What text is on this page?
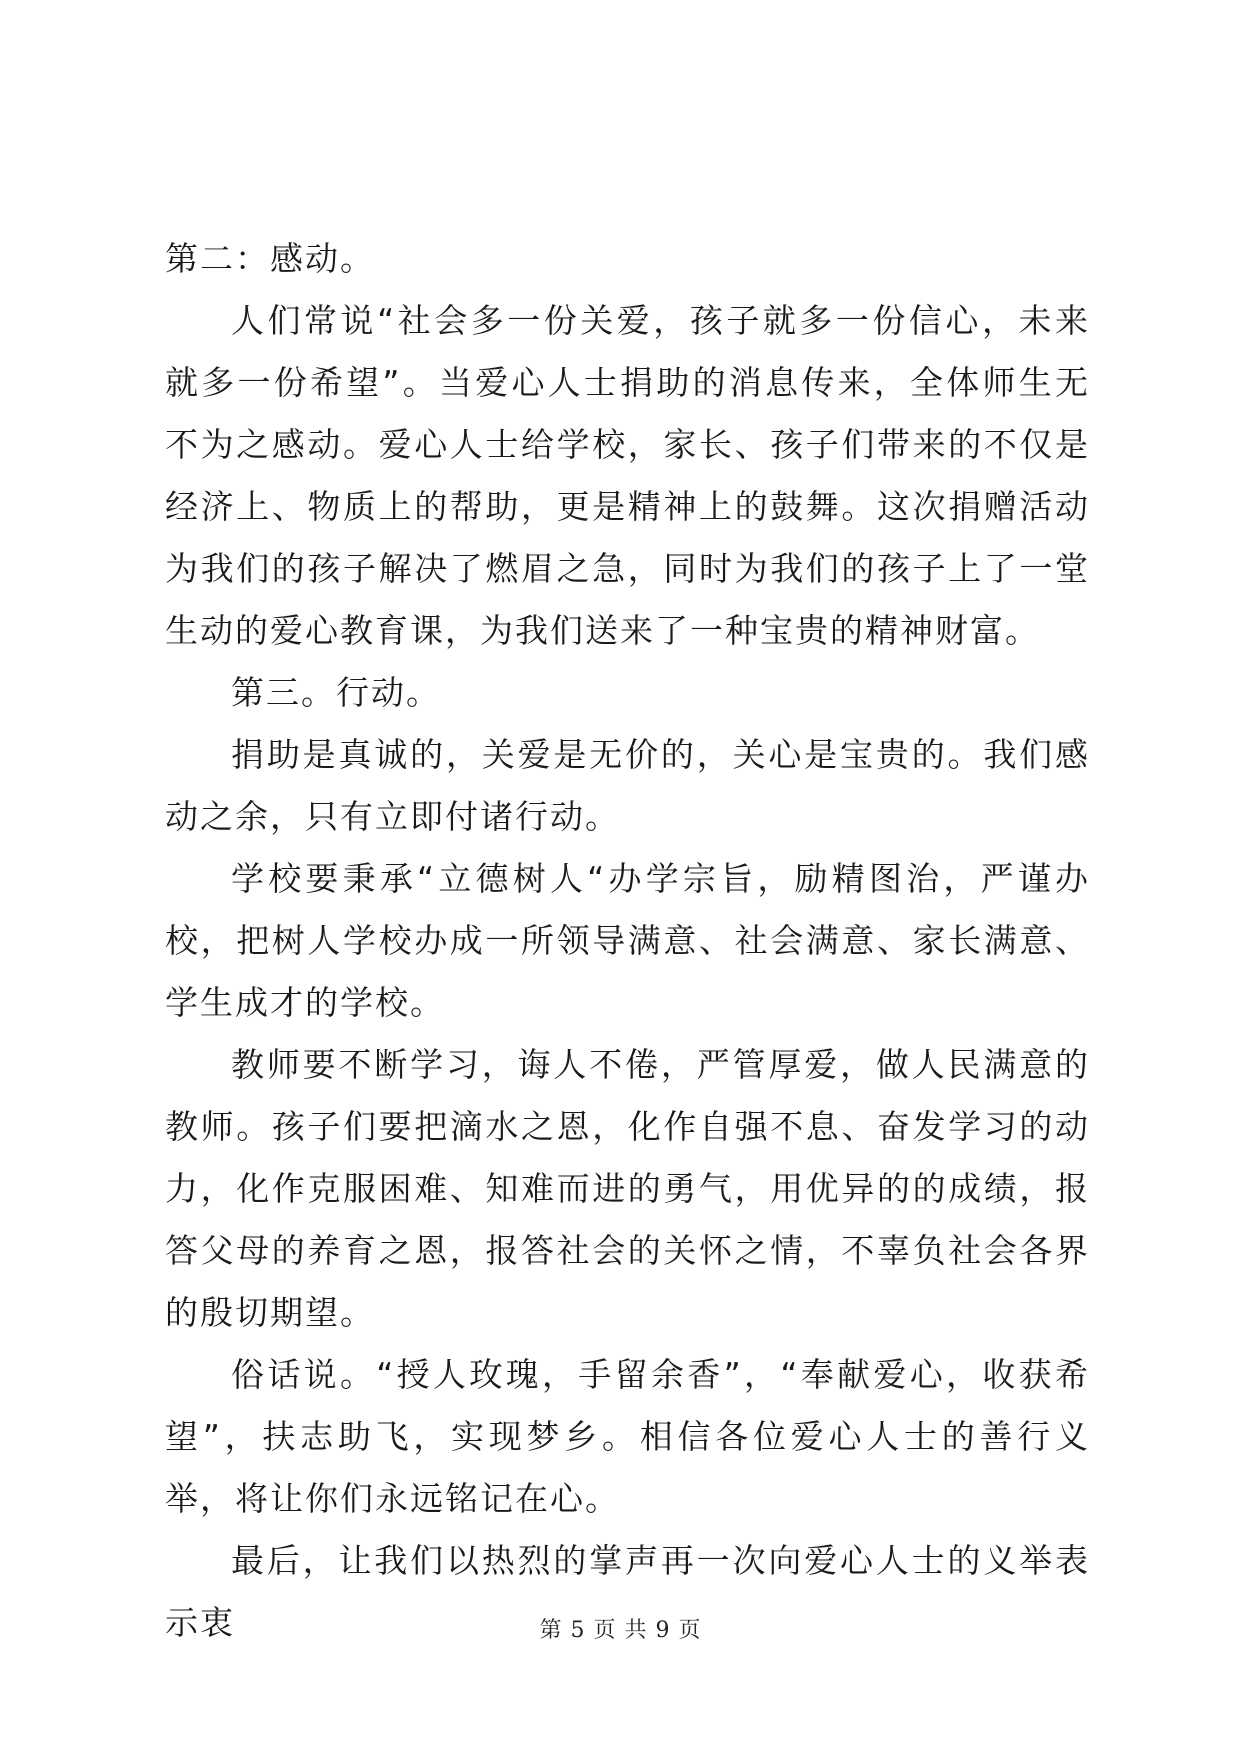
第二：感动。

人们常说“社会多一份关爱，孩子就多一份信心，未来就多一份希望”。当爱心人士捐助的消息传来，全体师生无不为之感动。爱心人士给学校，家长、孩子们带来的不仅是经济上、物质上的帮助，更是精神上的鼓舞。这次捐赠活动为我们的孩子解决了燃眉之急，同时为我们的孩子上了一堂生动的爱心教育课，为我们送来了一种宝贵的精神财富。

第三。行动。

捐助是真诚的，关爱是无价的，关心是宝贵的。我们感动之余，只有立即付诸行动。

学校要秉承“立德树人“办学宗旨，励精图治，严谨办校，把树人学校办成一所领导满意、社会满意、家长满意、学生成才的学校。

教师要不断学习，诲人不倦，严管厚爱，做人民满意的教师。孩子们要把滴水之恩，化作自强不息、奋发学习的动力，化作克服困难、知难而进的勇气，用优异的的成绩，报答父母的养育之恩，报答社会的关怀之情，不辜负社会各界的殷切期望。

俗话说。“授人玫瑰，手留余香”，“奉献爱心，收获希望”，扶志助飞，实现梦乡。相信各位爱心人士的善行义举，将让你们永远铭记在心。

最后，让我们以热烈的掌声再一次向爱心人士的义举表示衷	第 5 页 共 9 页
